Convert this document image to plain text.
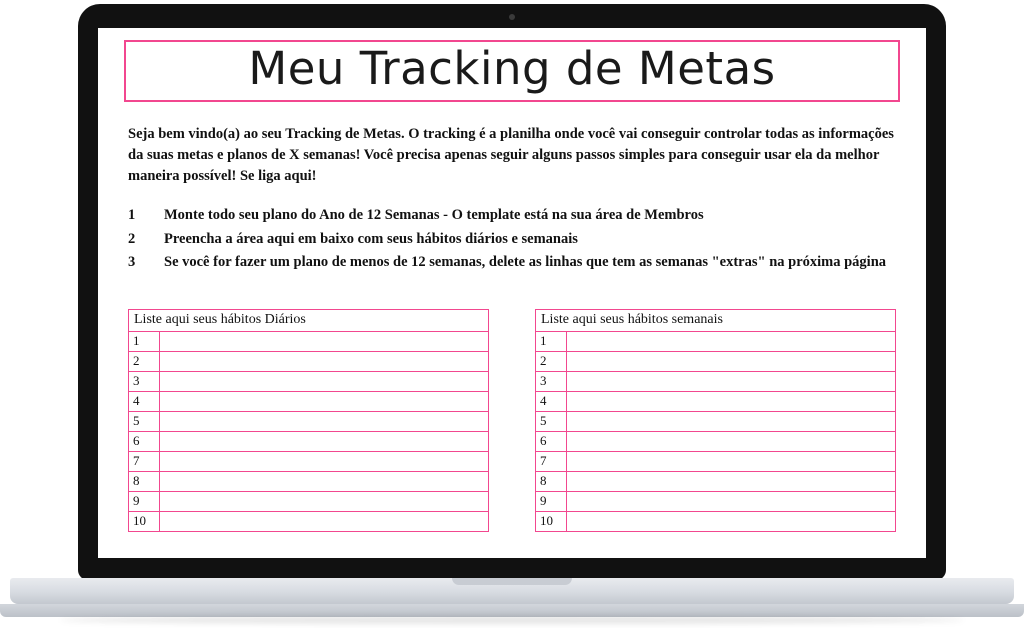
Meu Tracking de Metas
Seja bem vindo(a) ao seu Tracking de Metas. O tracking é a planilha onde você vai conseguir controlar todas as informações da suas metas e planos de X semanas! Você precisa apenas seguir alguns passos simples para conseguir usar ela da melhor maneira possível! Se liga aqui!
1	Monte todo seu plano do Ano de 12 Semanas - O template está na sua área de Membros
2	Preencha a área aqui em baixo com seus hábitos diários e semanais
3	Se você for fazer um plano de menos de 12 semanas, delete as linhas que tem as semanas "extras" na próxima página
Liste aqui seus hábitos Diários	
1	
2	
3	
4	
5	
6	
7	
8	
9	
10	
Liste aqui seus hábitos semanais	
1	
2	
3	
4	
5	
6	
7	
8	
9	
10	
